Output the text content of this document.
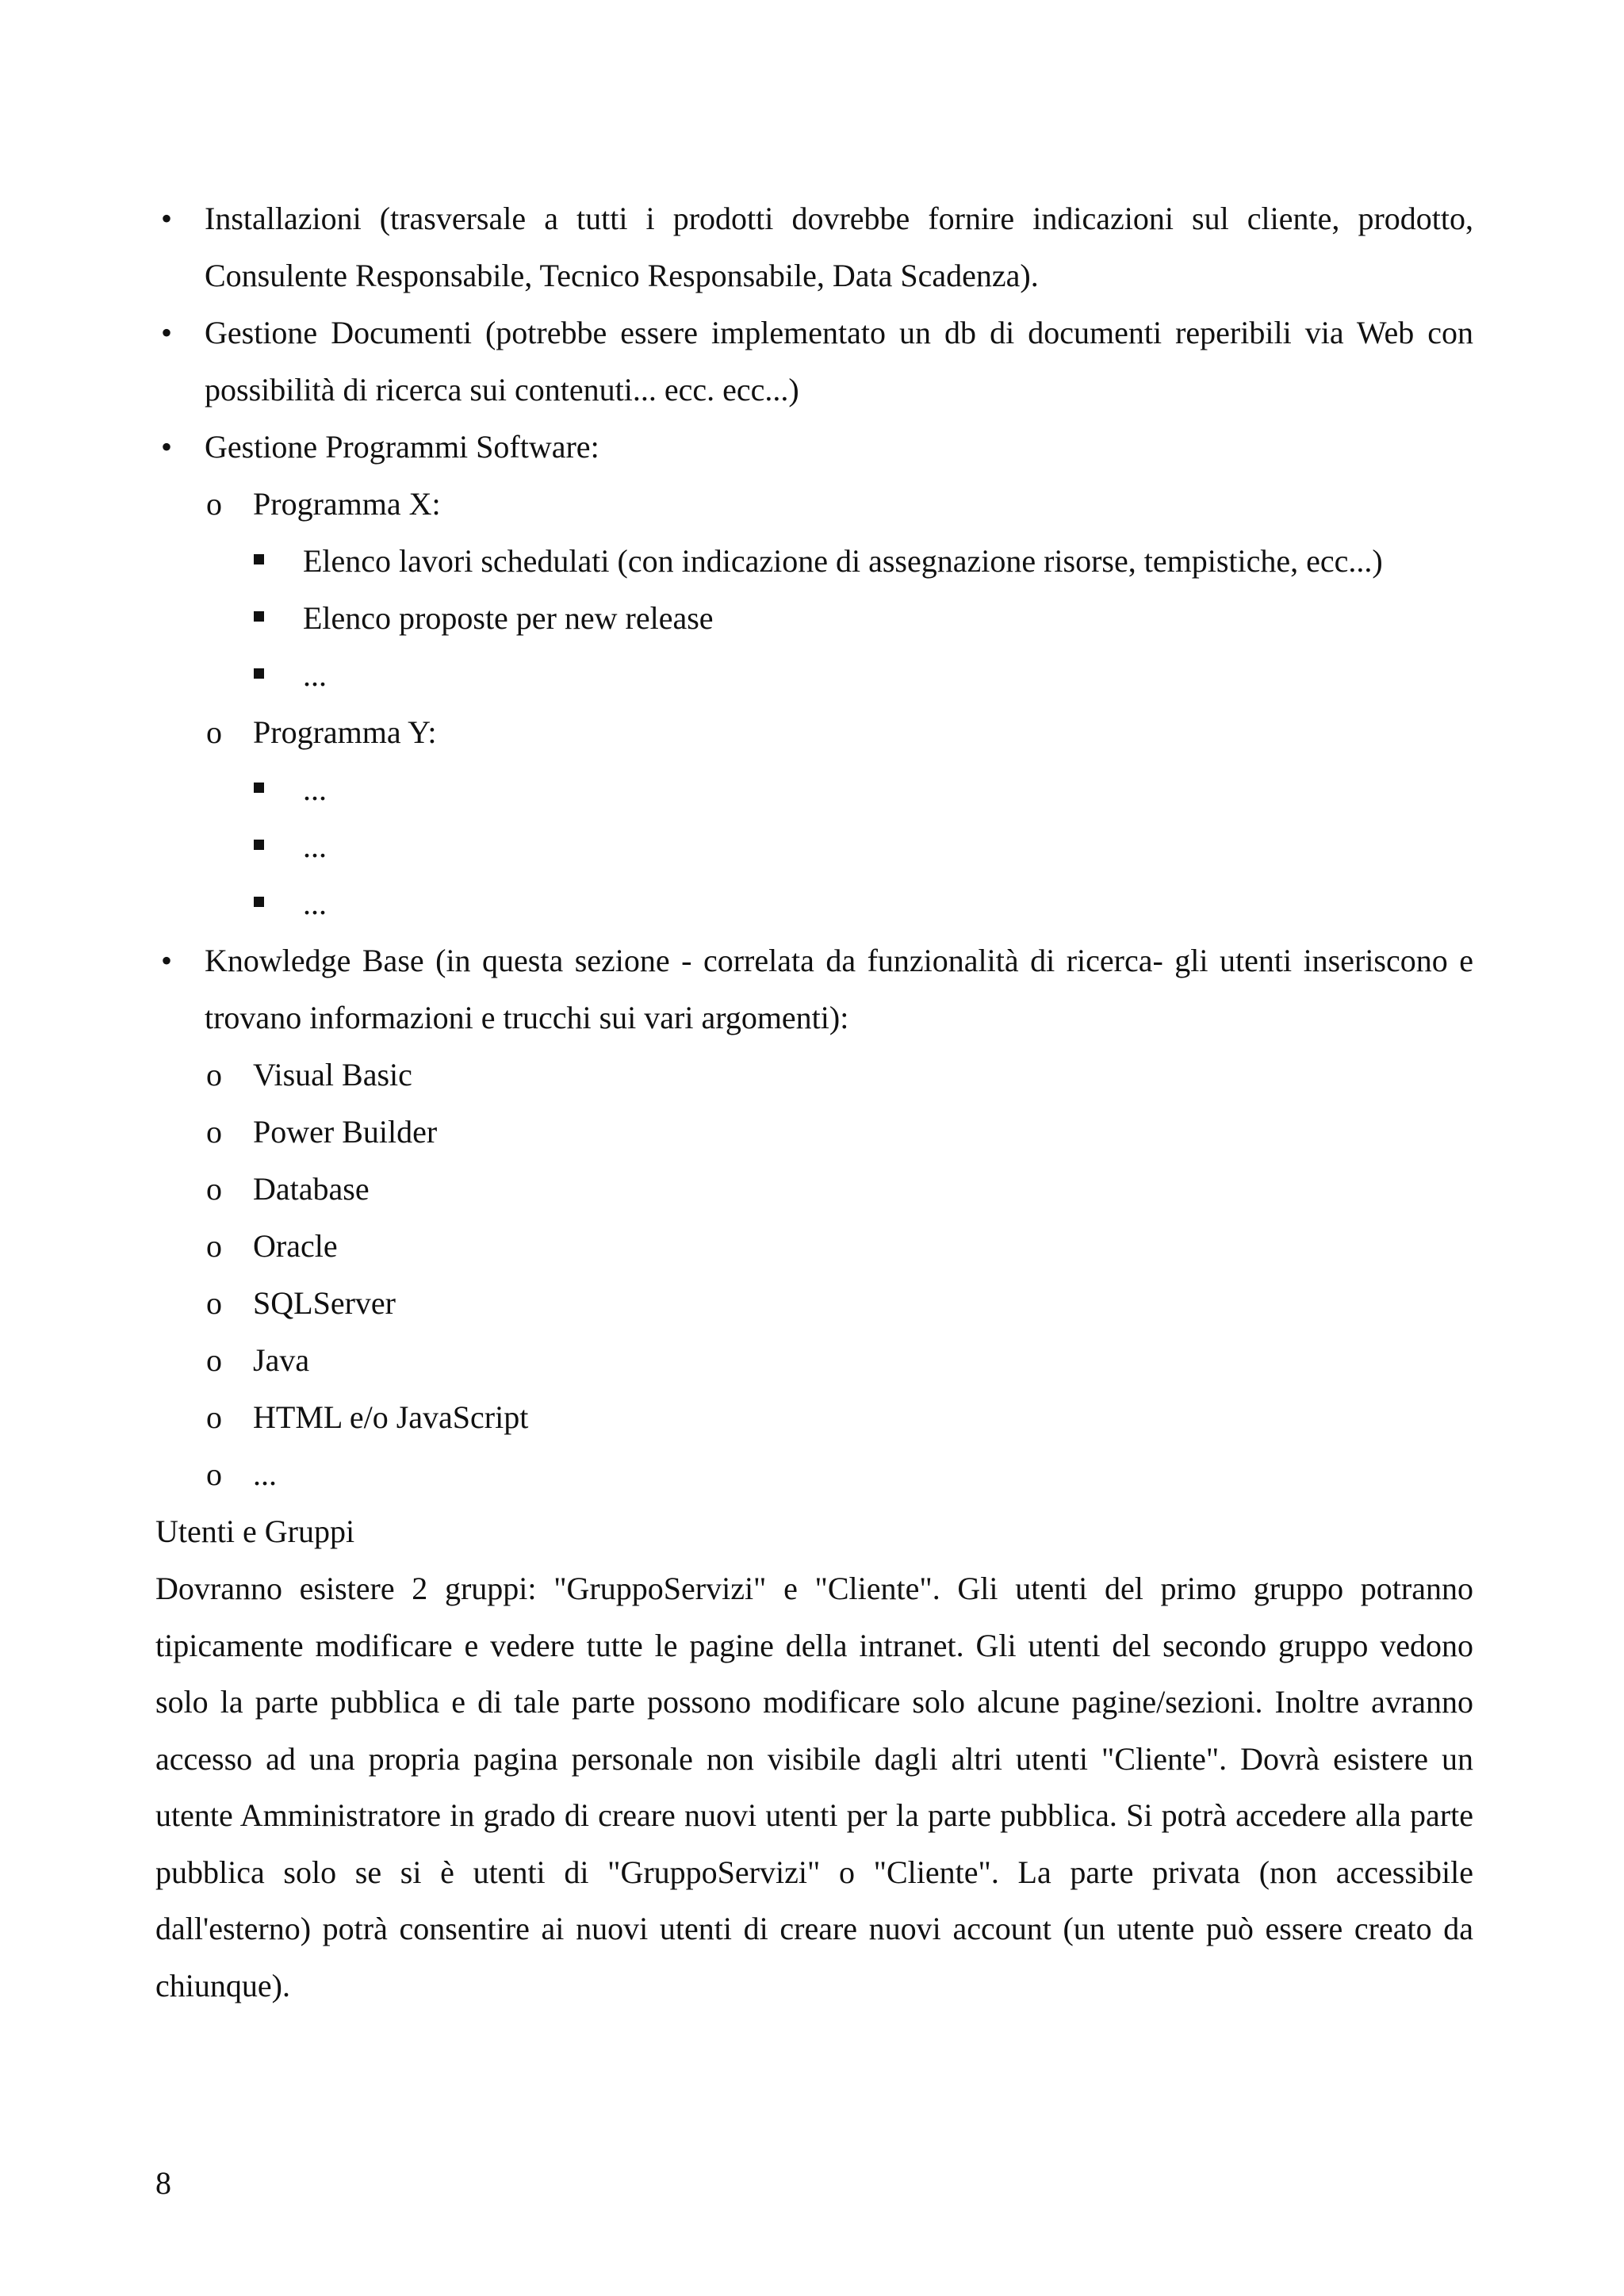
• Installazioni (trasversale a tutti i prodotti dovrebbe fornire indicazioni sul cliente, prodotto, Consulente Responsabile, Tecnico Responsabile, Data Scadenza).
• Gestione Documenti (potrebbe essere implementato un db di documenti reperibili via Web con possibilità di ricerca sui contenuti... ecc. ecc...)
• Gestione Programmi Software:
o Programma X:
Elenco lavori schedulati (con indicazione di assegnazione risorse, tempistiche, ecc...)
Elenco proposte per new release
...
o Programma Y:
...
...
...
• Knowledge Base (in questa sezione - correlata da funzionalità di ricerca- gli utenti inseriscono e trovano informazioni e trucchi sui vari argomenti):
o Visual Basic
o Power Builder
o Database
o Oracle
o SQLServer
o Java
o HTML e/o JavaScript
o ...
Utenti e Gruppi
Dovranno esistere 2 gruppi: "GruppoServizi" e "Cliente". Gli utenti del primo gruppo potranno tipicamente modificare e vedere tutte le pagine della intranet. Gli utenti del secondo gruppo vedono solo la parte pubblica e di tale parte possono modificare solo alcune pagine/sezioni. Inoltre avranno accesso ad una propria pagina personale non visibile dagli altri utenti "Cliente". Dovrà esistere un utente Amministratore in grado di creare nuovi utenti per la parte pubblica. Si potrà accedere alla parte pubblica solo se si è utenti di "GruppoServizi" o "Cliente". La parte privata (non accessibile dall'esterno) potrà consentire ai nuovi utenti di creare nuovi account (un utente può essere creato da chiunque).
8
